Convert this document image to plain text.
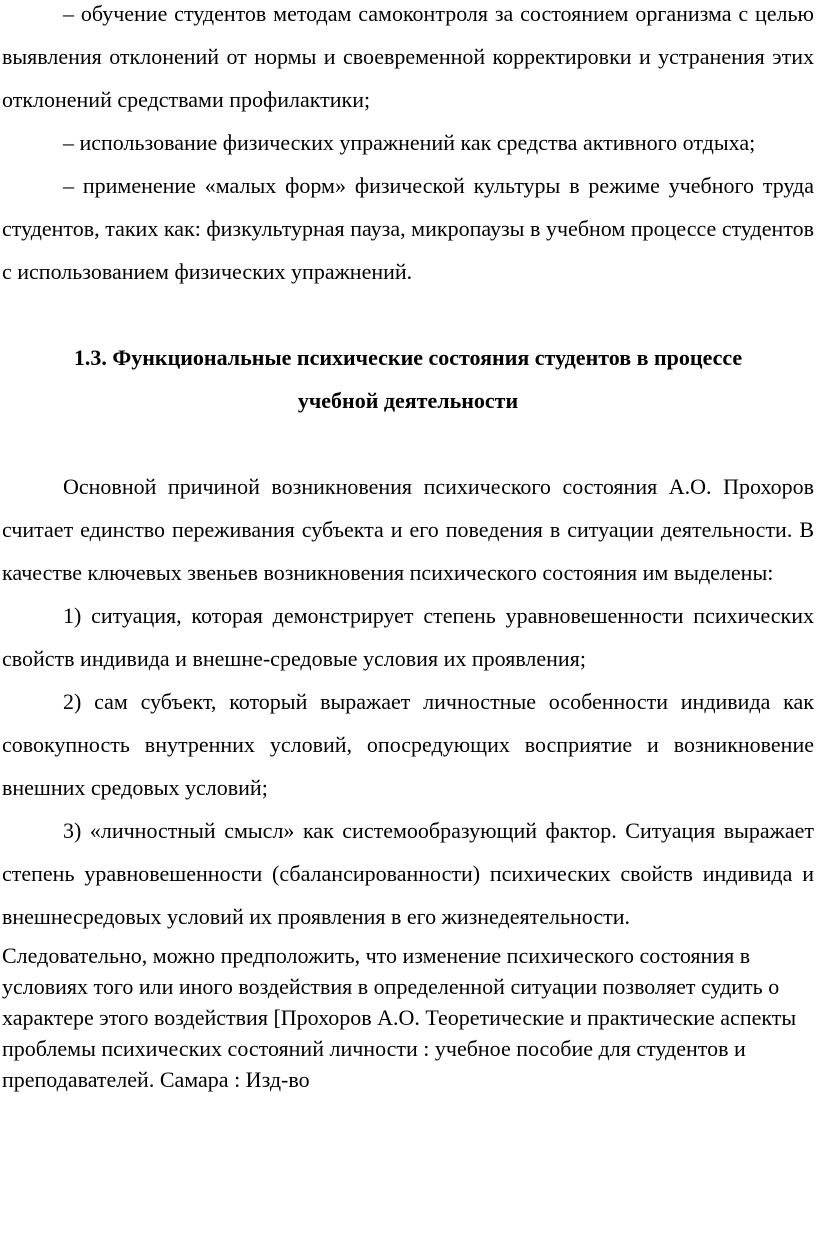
– обучение студентов методам самоконтроля за состоянием организма с целью выявления отклонений от нормы и своевременной корректировки и устранения этих отклонений средствами профилактики;

– использование физических упражнений как средства активного отдыха;

– применение «малых форм» физической культуры в режиме учебного труда студентов, таких как: физкультурная пауза, микропаузы в учебном процессе студентов с использованием физических упражнений.

1.3. Функциональные психические состояния студентов в процессе учебной деятельности

Основной причиной возникновения психического состояния А.О. Прохоров считает единство переживания субъекта и его поведения в ситуации деятельности. В качестве ключевых звеньев возникновения психического состояния им выделены:

1) ситуация, которая демонстрирует степень уравновешенности психических свойств индивида и внешне-средовые условия их проявления;

2) сам субъект, который выражает личностные особенности индивида как совокупность внутренних условий, опосредующих восприятие и возникновение внешних средовых условий;

3) «личностный смысл» как системообразующий фактор. Ситуация выражает степень уравновешенности (сбалансированности) психических свойств индивида и внешнесредовых условий их проявления в его жизнедеятельности.

Следовательно, можно предположить, что изменение психического состояния в условиях того или иного воздействия в определенной ситуации позволяет судить о характере этого воздействия [Прохоров А.О. Теоретические и практические аспекты проблемы психических состояний личности : учебное пособие для студентов и преподавателей. Самара : Изд-во
